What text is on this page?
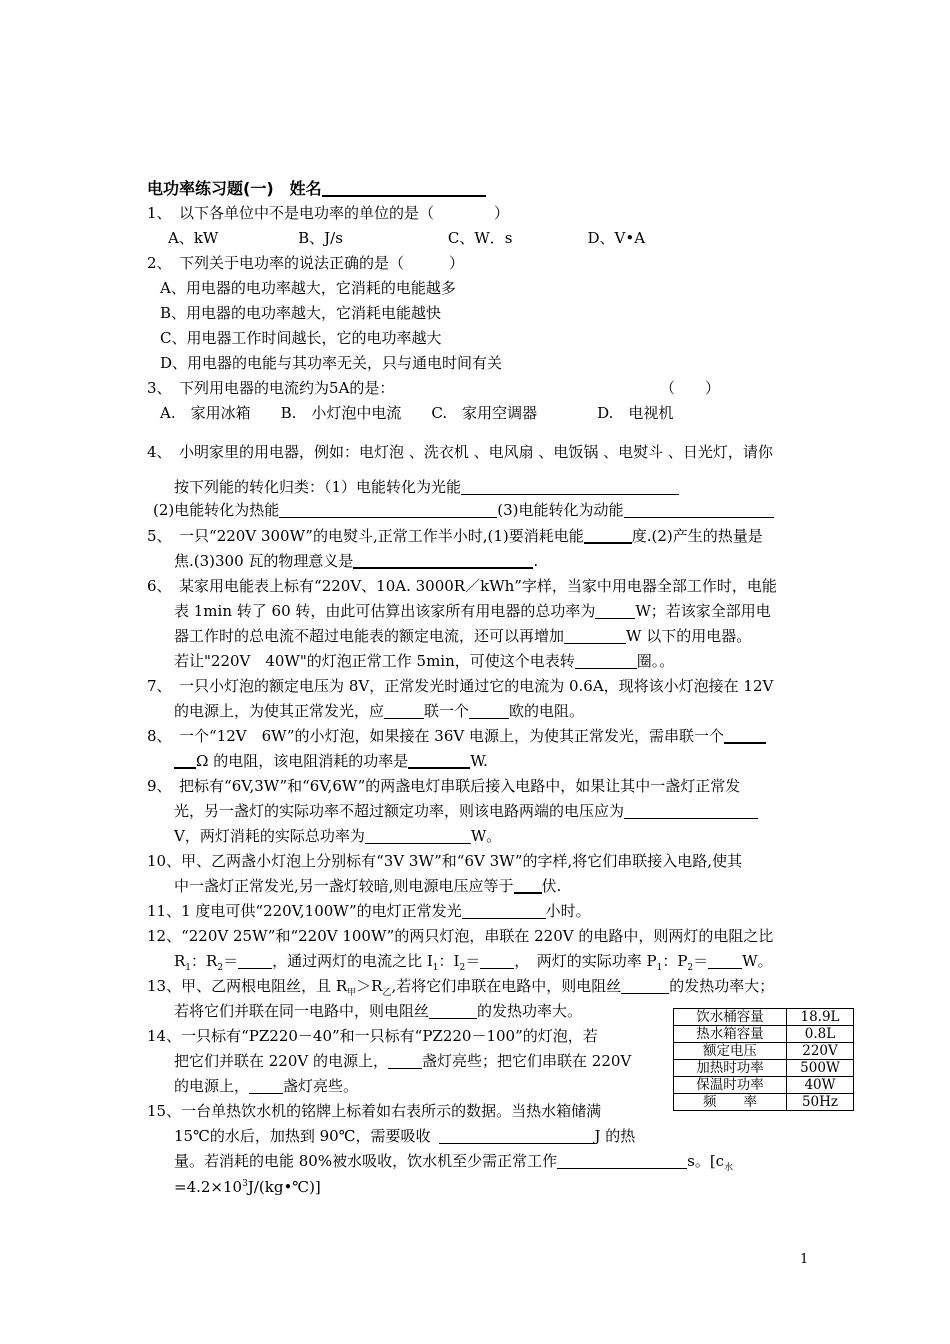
电功率练习题(一)　 姓名
1、　以下各单位中不是电功率的单位的是（　　　　）
A、kW　　　　　 B、J/s　　　　　　　C、W．s　　　　　D、V•A
2、　下列关于电功率的说法正确的是（　　　）
A、用电器的电功率越大，它消耗的电能越多
B、用电器的电功率越大，它消耗电能越快
C、用电器工作时间越长，它的电功率越大
D、用电器的电能与其功率无关，只与通电时间有关
3、　下列用电器的电流约为5A的是：	（　　）
A.　家用冰箱　　B.　小灯泡中电流　　C.　家用空调器　　　　D.　电视机
4、　小明家里的用电器，例如：电灯泡 、洗衣机 、电风扇 、电饭锅 、电熨斗 、日光灯，请你
按下列能的转化归类：（1）电能转化为光能
(2)电能转化为热能	(3)电能转化为动能
5、　一只“220V 300W”的电熨斗,正常工作半小时,(1)要消耗电能	度.(2)产生的热量是
焦.(3)300 瓦的物理意义是	.
6、　某家用电能表上标有“220V、10A. 3000R／kWh”字样，当家中用电器全部工作时，电能
表 1min 转了 60 转，由此可估算出该家所有用电器的总功率为	W；若该家全部用电
器工作时的总电流不超过电能表的额定电流，还可以再增加	W 以下的用电器。
若让"220V　40W"的灯泡正常工作 5min，可使这个电表转	圈。。
7、　一只小灯泡的额定电压为 8V，正常发光时通过它的电流为 0.6A，现将该小灯泡接在 12V
的电源上，为使其正常发光，应	联一个	欧的电阻。
8、　一个“12V　6W”的小灯泡，如果接在 36V 电源上，为使其正常发光，需串联一个
Ω 的电阻，该电阻消耗的功率是	W.
9、　把标有“6V,3W”和“6V,6W”的两盏电灯串联后接入电路中，如果让其中一盏灯正常发
光，另一盏灯的实际功率不超过额定功率，则该电路两端的电压应为
V，两灯消耗的实际总功率为	W。
10、甲、乙两盏小灯泡上分别标有“3V 3W”和“6V 3W”的字样,将它们串联接入电路,使其
中一盏灯正常发光,另一盏灯较暗,则电源电压应等于 伏.
11、1 度电可供“220V,100W”的电灯正常发光	小时。
12、“220V 25W”和“220V 100W”的两只灯泡，串联在 220V 的电路中，则两灯的电阻之比
$R_1$：$R_2=$ ，通过两灯的电流之比 $I_1$：$I_2=$ ，　两灯的实际功率 $P_1$：$P_2= W$。
13、甲、乙两根电阻丝，且 $R_甲>R_乙$,若将它们串联在电路中，则电阻丝	的发热功率大；
若将它们并联在同一电路中，则电阻丝	的发热功率大。
14、一只标有“PZ220－40”和一只标有“PZ220－100”的灯泡，若
把它们并联在 220V 的电源上， 盏灯亮些；把它们串联在 220V
的电源上， 盏灯亮些。
15、一台单热饮水机的铭牌上标着如右表所示的数据。当热水箱储满
15℃的水后，加热到 90℃，需要吸收	J 的热
量。若消耗的电能 80%被水吸收，饮水机至少需正常工作	s。[$c_水$
$=4.2\times 10^3J/(kg•℃)$]
饮水桶容量	18.9L
热水箱容量	0.8L
额定电压	220V
加热时功率	500W
保温时功率	40W
频　　率	50Hz
1
